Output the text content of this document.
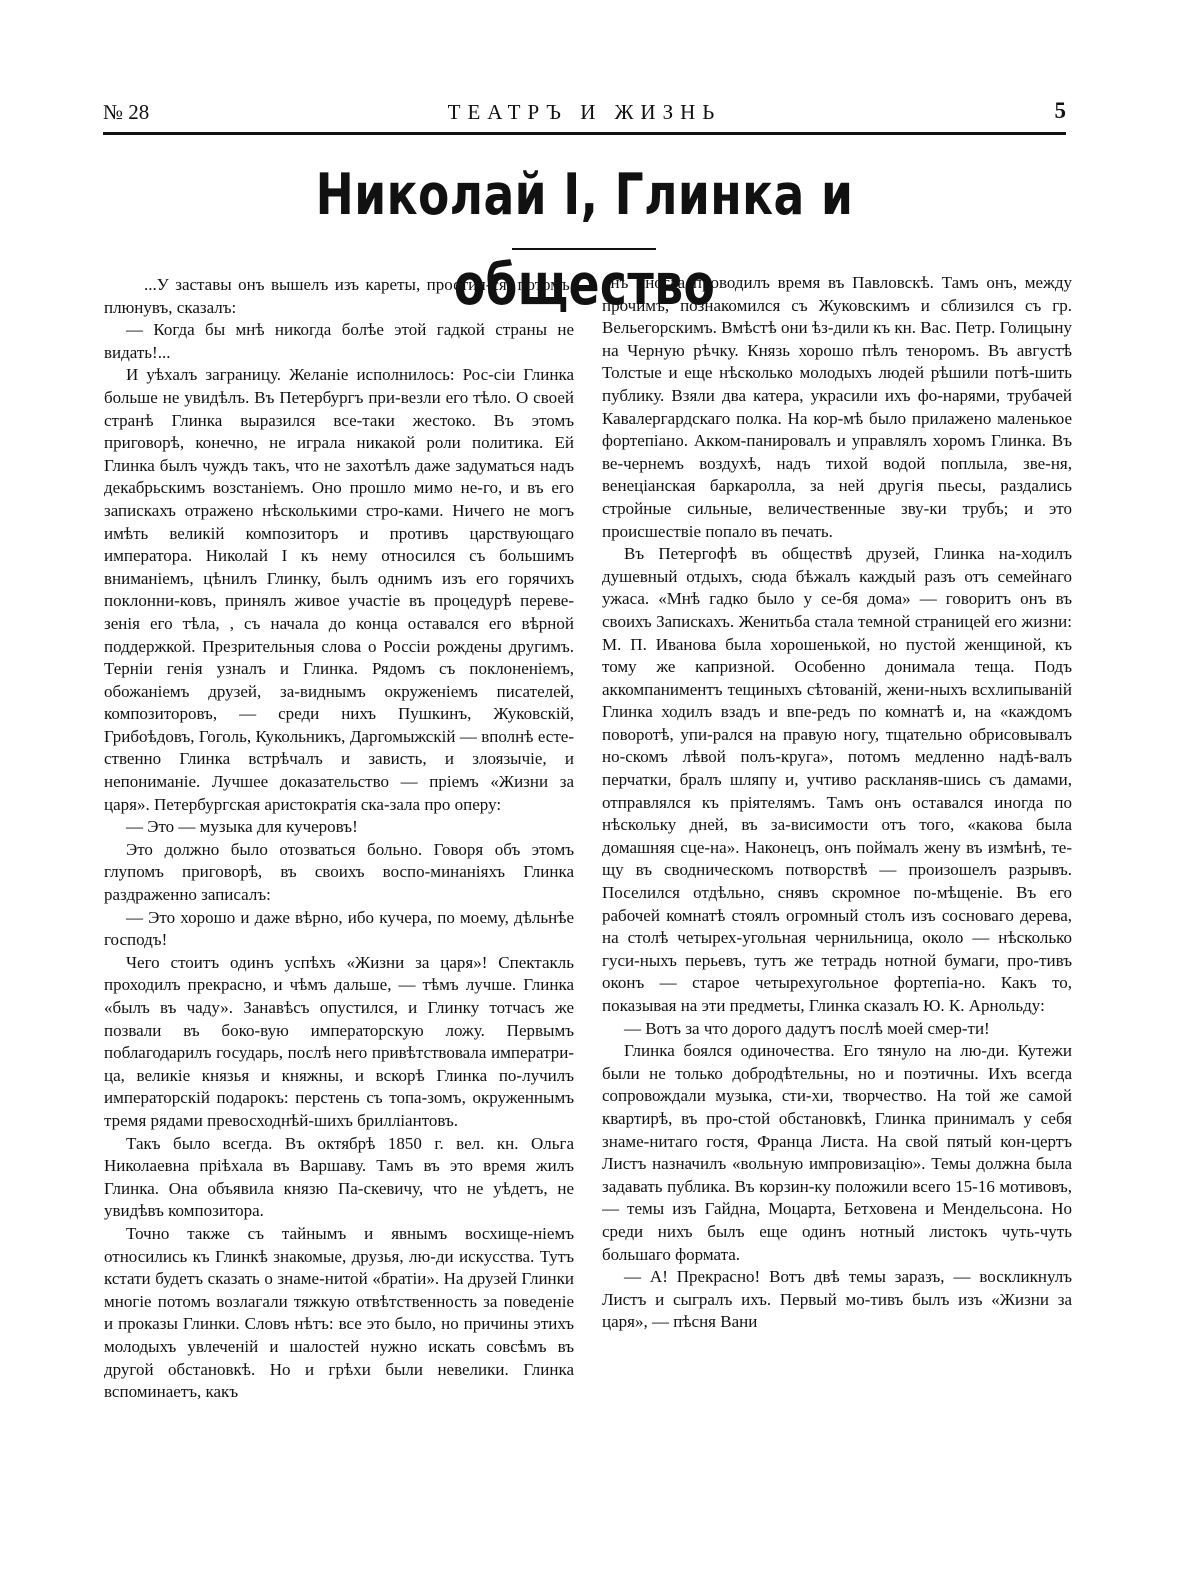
№ 28	ТЕАТРЪ И ЖИЗНЬ	5
Николай I, Глинка и общество

...У заставы онъ вышелъ изъ кареты, простил-ся, потомъ, плюнувъ, сказалъ:

— Когда бы мнѣ никогда болѣе этой гадкой страны не видать!...

И уѣхалъ заграницу. Желаніе исполнилось: Рос-сіи Глинка больше не увидѣлъ. Въ Петербургъ при-везли его тѣло. О своей странѣ Глинка выразился все-таки жестоко. Въ этомъ приговорѣ, конечно, не играла никакой роли политика. Ей Глинка былъ чуждъ такъ, что не захотѣлъ даже задуматься надъ декабрьскимъ возстаніемъ. Оно прошло мимо не-го, и въ его запискахъ отражено нѣсколькими стро-ками. Ничего не могъ имѣть великій композиторъ и противъ царствующаго императора. Николай I къ нему относился съ большимъ вниманіемъ, цѣнилъ Глинку, былъ однимъ изъ его горячихъ поклонни-ковъ, принялъ живое участіе въ процедурѣ переве-зенія его тѣла, , съ начала до конца оставался его вѣрной поддержкой. Презрительныя слова о Россіи рождены другимъ. Терніи генія узналъ и Глинка. Рядомъ съ поклоненіемъ, обожаніемъ друзей, за-виднымъ окруженіемъ писателей, композиторовъ, — среди нихъ Пушкинъ, Жуковскій, Грибоѣдовъ, Гоголь, Кукольникъ, Даргомыжскій — вполнѣ есте-ственно Глинка встрѣчалъ и зависть, и злоязычіе, и непониманіе. Лучшее доказательство — пріемъ «Жизни за царя». Петербургская аристократія ска-зала про оперу:

— Это — музыка для кучеровъ!

Это должно было отозваться больно. Говоря объ этомъ глупомъ приговорѣ, въ своихъ воспо-минаніяхъ Глинка раздраженно записалъ:

— Это хорошо и даже вѣрно, ибо кучера, по моему, дѣльнѣе господъ!

Чего стоитъ одинъ успѣхъ «Жизни за царя»! Спектакль проходилъ прекрасно, и чѣмъ дальше, — тѣмъ лучше. Глинка «былъ въ чаду». Занавѣсъ опустился, и Глинку тотчасъ же позвали въ боко-вую императорскую ложу. Первымъ поблагодарилъ государь, послѣ него привѣтствовала императри-ца, великіе князья и княжны, и вскорѣ Глинка по-лучилъ императорскій подарокъ: перстень съ топа-зомъ, окруженнымъ тремя рядами превосходнѣй-шихъ бриллiантовъ.

Такъ было всегда. Въ октябрѣ 1850 г. вел. кн. Ольга Николаевна пріѣхала въ Варшаву. Тамъ въ это время жилъ Глинка. Она объявила князю Па-скевичу, что не уѣдетъ, не увидѣвъ композитора.

Точно также съ тайнымъ и явнымъ восхище-ніемъ относились къ Глинкѣ знакомые, друзья, лю-ди искусства. Тутъ кстати будетъ сказать о знаме-нитой «братіи». На друзей Глинки многіе потомъ возлагали тяжкую отвѣтственность за поведеніе и проказы Глинки. Словъ нѣтъ: все это было, но причины этихъ молодыхъ увлеченій и шалостей нужно искать совсѣмъ въ другой обстановкѣ. Но и грѣхи были невелики. Глинка вспоминаетъ, какъ

онъ иногда проводилъ время въ Павловскѣ. Тамъ онъ, между прочимъ, познакомился съ Жуковскимъ и сблизился съ гр. Вельегорскимъ. Вмѣстѣ они ѣз-дили къ кн. Вас. Петр. Голицыну на Черную рѣчку. Князь хорошо пѣлъ теноромъ. Въ августѣ Толстые и еще нѣсколько молодыхъ людей рѣшили потѣ-шить публику. Взяли два катера, украсили ихъ фо-нарями, трубачей Кавалергардскаго полка. На кор-мѣ было прилажено маленькое фортепіано. Акком-панировалъ и управлялъ хоромъ Глинка. Въ ве-чернемъ воздухѣ, надъ тихой водой поплыла, зве-ня, венеціанская баркаролла, за ней другія пьесы, раздались стройные сильные, величественные зву-ки трубъ; и это происшествіе попало въ печать.

Въ Петергофѣ въ обществѣ друзей, Глинка на-ходилъ душевный отдыхъ, сюда бѣжалъ каждый разъ отъ семейнаго ужаса. «Мнѣ гадко было у се-бя дома» — говоритъ онъ въ своихъ Запискахъ. Женитьба стала темной страницей его жизни: М. П. Иванова была хорошенькой, но пустой женщиной, къ тому же капризной. Особенно донимала теща. Подъ аккомпаниментъ тещиныхъ сѣтованій, жени-ныхъ всхлипываній Глинка ходилъ взадъ и впе-редъ по комнатѣ и, на «каждомъ поворотѣ, упи-рался на правую ногу, тщательно обрисовывалъ но-скомъ лѣвой полъ-круга», потомъ медленно надѣ-валъ перчатки, бралъ шляпу и, учтиво раскланяв-шись съ дамами, отправлялся къ прiятелямъ. Тамъ онъ оставался иногда по нѣскольку дней, въ за-висимости отъ того, «какова была домашняя сце-на». Наконецъ, онъ поймалъ жену въ измѣнѣ, те-щу въ сводническомъ потворствѣ — произошелъ разрывъ. Поселился отдѣльно, снявъ скромное по-мѣщеніе. Въ его рабочей комнатѣ стоялъ огромный столъ изъ сосноваго дерева, на столѣ четырех-угольная чернильница, около — нѣсколько гуси-ныхъ перьевъ, тутъ же тетрадь нотной бумаги, про-тивъ оконъ — старое четырехугольное фортепіа-но. Какъ то, показывая на эти предметы, Глинка сказалъ Ю. К. Арнольду:

— Вотъ за что дорого дадутъ послѣ моей смер-ти!

Глинка боялся одиночества. Его тянуло на лю-ди. Кутежи были не только добродѣтельны, но и поэтичны. Ихъ всегда сопровождали музыка, сти-хи, творчество. На той же самой квартирѣ, въ про-стой обстановкѣ, Глинка принималъ у себя знаме-нитаго гостя, Франца Листа. На свой пятый кон-цертъ Листъ назначилъ «вольную импровизацію». Темы должна была задавать публика. Въ корзин-ку положили всего 15-16 мотивовъ, — темы изъ Гайдна, Моцарта, Бетховена и Мендельсона. Но среди нихъ былъ еще одинъ нотный листокъ чуть-чуть большаго формата.

— А! Прекрасно! Вотъ двѣ темы заразъ, — воскликнулъ Листъ и сыгралъ ихъ. Первый мо-тивъ былъ изъ «Жизни за царя», — пѣсня Вани
